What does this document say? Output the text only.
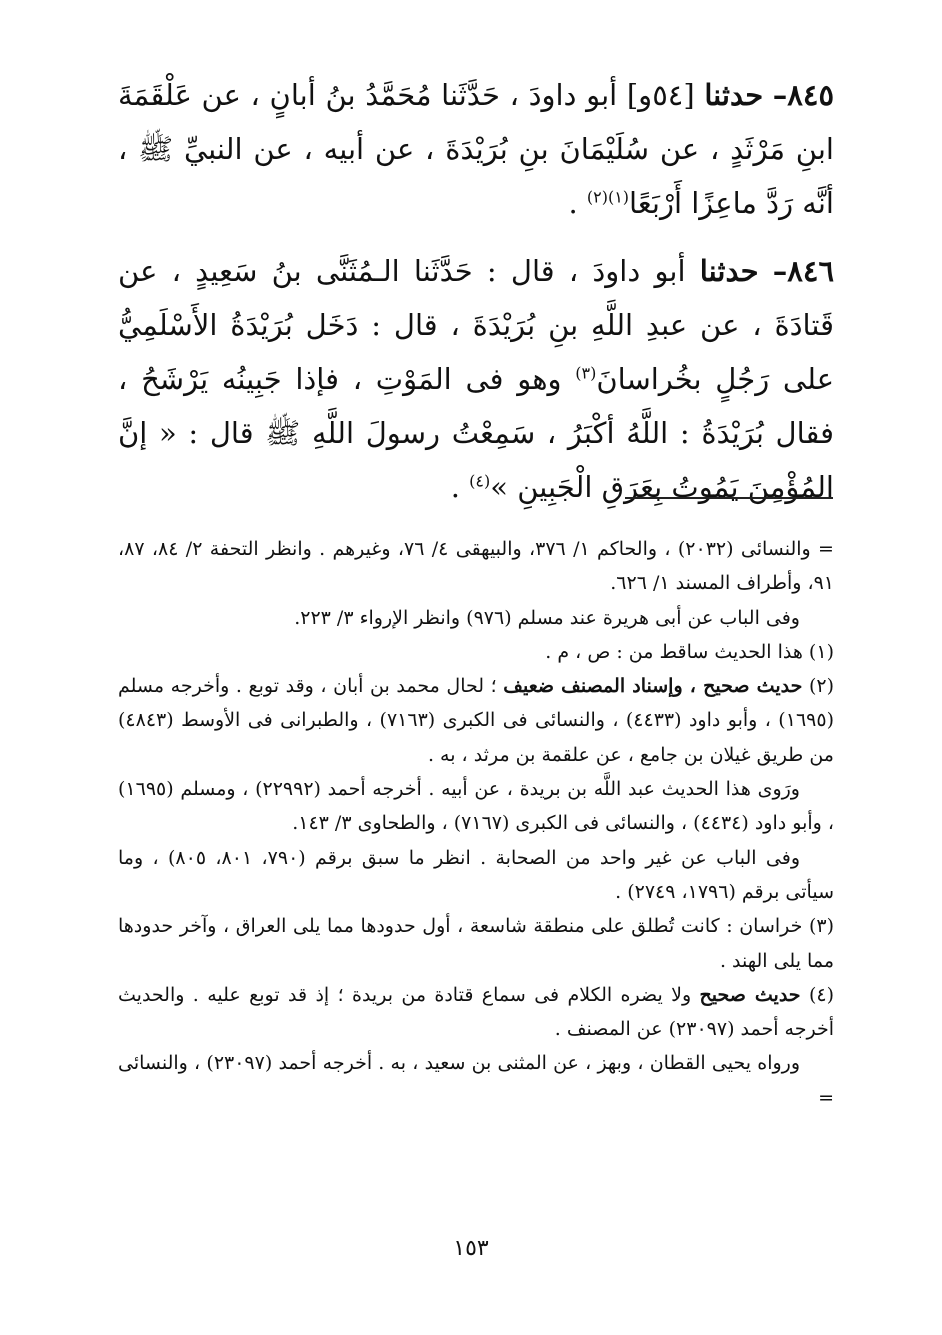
٨٤٥– حدثنا [٥٤و] أبو داودَ ، حَدَّثَنا مُحَمَّدُ بنُ أبانٍ ، عن عَلْقَمَةَ ابنِ مَرْثَدٍ ، عن سُلَيْمَانَ بنِ بُرَيْدَةَ ، عن أبيه ، عن النبيِّ ﷺ ، أنَّه رَدَّ ماعِزًا أَرْبَعًا$^{(١)(٢)}$ .

٨٤٦– حدثنا أبو داودَ ، قال : حَدَّثَنا الـمُثَنَّى بنُ سَعِيدٍ ، عن قَتادَةَ ، عن عبدِ اللَّهِ بنِ بُرَيْدَةَ ، قال : دَخَل بُرَيْدَةُ الأَسْلَمِيُّ على رَجُلٍ بخُراسانَ$^{(٣)}$ وهو فى المَوْتِ ، فإذا جَبِينُه يَرْشَحُ ، فقال بُرَيْدَةُ : اللَّهُ أكْبَرُ ، سَمِعْتُ رسولَ اللَّهِ ﷺ قال : « إنَّ المُؤْمِنَ يَمُوتُ بِعَرَقِ الْجَبِينِ »$^{(٤)}$ .

= والنسائى (٢٠٣٢) ، والحاكم ١/ ٣٧٦، والبيهقى ٤/ ٧٦، وغيرهم . وانظر التحفة ٢/ ٨٤، ٨٧، ٩١، وأطراف المسند ١/ ٦٢٦.

وفى الباب عن أبى هريرة عند مسلم (٩٧٦) وانظر الإرواء ٣/ ٢٢٣.

(١) هذا الحديث ساقط من : ص ، م .

(٢) حديث صحيح ، وإسناد المصنف ضعيف ؛ لحال محمد بن أبان ، وقد توبع . وأخرجه مسلم (١٦٩٥) ، وأبو داود (٤٤٣٣) ، والنسائى فى الكبرى (٧١٦٣) ، والطبرانى فى الأوسط (٤٨٤٣) من طريق غيلان بن جامع ، عن علقمة بن مرثد ، به .

ورَوى هذا الحديث عبد اللَّه بن بريدة ، عن أبيه . أخرجه أحمد (٢٢٩٩٢) ، ومسلم (١٦٩٥) ، وأبو داود (٤٤٣٤) ، والنسائى فى الكبرى (٧١٦٧) ، والطحاوى ٣/ ١٤٣.

وفى الباب عن غير واحد من الصحابة . انظر ما سبق برقم (٧٩٠، ٨٠١، ٨٠٥) ، وما سيأتى برقم (١٧٩٦، ٢٧٤٩) .

(٣) خراسان : كانت تُطلق على منطقة شاسعة ، أول حدودها مما يلى العراق ، وآخر حدودها مما يلى الهند .

(٤) حديث صحيح ولا يضره الكلام فى سماع قتادة من بريدة ؛ إذ قد توبع عليه . والحديث أخرجه أحمد (٢٣٠٩٧) عن المصنف .

ورواه يحيى القطان ، وبهز ، عن المثنى بن سعيد ، به . أخرجه أحمد (٢٣٠٩٧) ، والنسائى =

١٥٣
